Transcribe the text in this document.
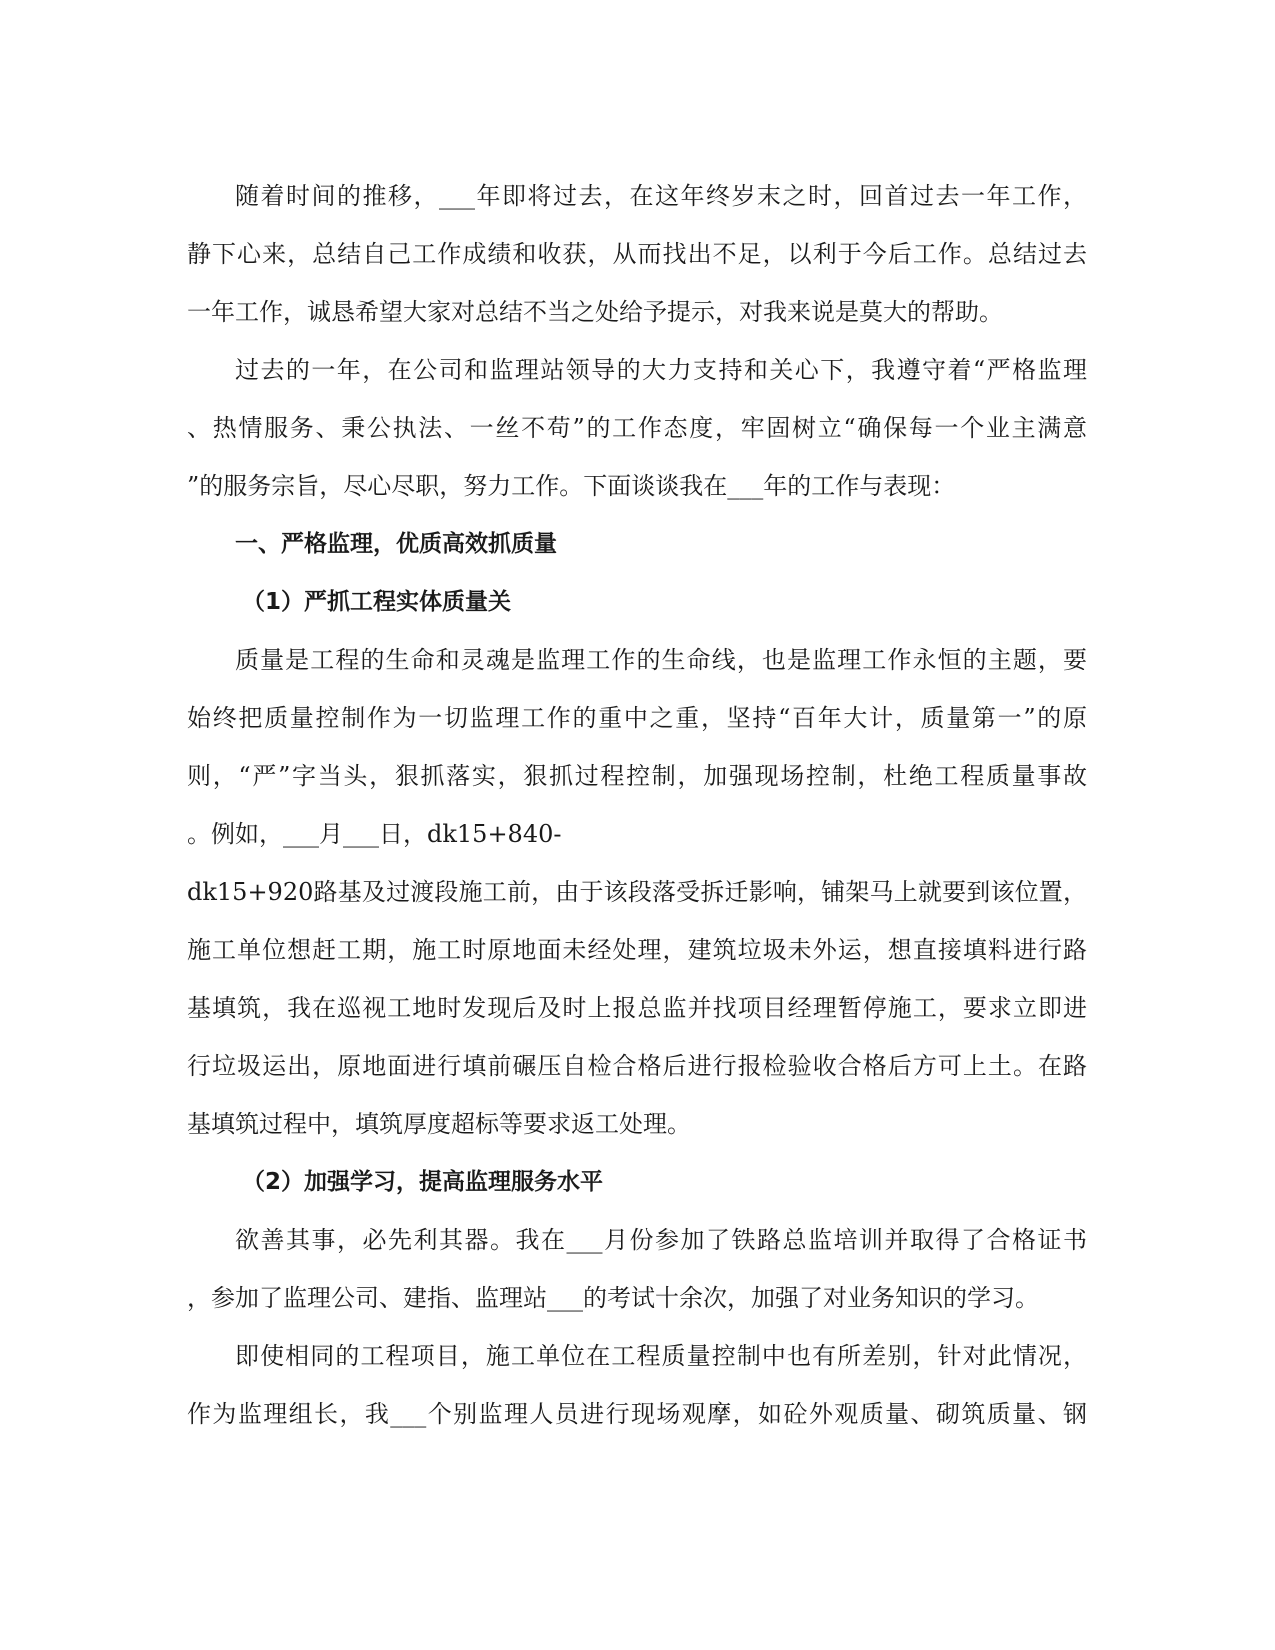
随着时间的推移，___年即将过去，在这年终岁末之时，回首过去一年工作，
静下心来，总结自己工作成绩和收获，从而找出不足，以利于今后工作。总结过去
一年工作，诚恳希望大家对总结不当之处给予提示，对我来说是莫大的帮助。
过去的一年，在公司和监理站领导的大力支持和关心下，我遵守着“严格监理
、热情服务、秉公执法、一丝不苟”的工作态度，牢固树立“确保每一个业主满意
”的服务宗旨，尽心尽职，努力工作。下面谈谈我在___年的工作与表现：
一、严格监理，优质高效抓质量
（1）严抓工程实体质量关
质量是工程的生命和灵魂是监理工作的生命线，也是监理工作永恒的主题，要
始终把质量控制作为一切监理工作的重中之重，坚持“百年大计，质量第一”的原
则，“严”字当头，狠抓落实，狠抓过程控制，加强现场控制，杜绝工程质量事故
。例如，___月___日，dk15+840-
dk15+920路基及过渡段施工前，由于该段落受拆迁影响，铺架马上就要到该位置，
施工单位想赶工期，施工时原地面未经处理，建筑垃圾未外运，想直接填料进行路
基填筑，我在巡视工地时发现后及时上报总监并找项目经理暂停施工，要求立即进
行垃圾运出，原地面进行填前碾压自检合格后进行报检验收合格后方可上土。在路
基填筑过程中，填筑厚度超标等要求返工处理。
（2）加强学习，提高监理服务水平
欲善其事，必先利其器。我在___月份参加了铁路总监培训并取得了合格证书
，参加了监理公司、建指、监理站___的考试十余次，加强了对业务知识的学习。
即使相同的工程项目，施工单位在工程质量控制中也有所差别，针对此情况，
作为监理组长，我___个别监理人员进行现场观摩，如砼外观质量、砌筑质量、钢
